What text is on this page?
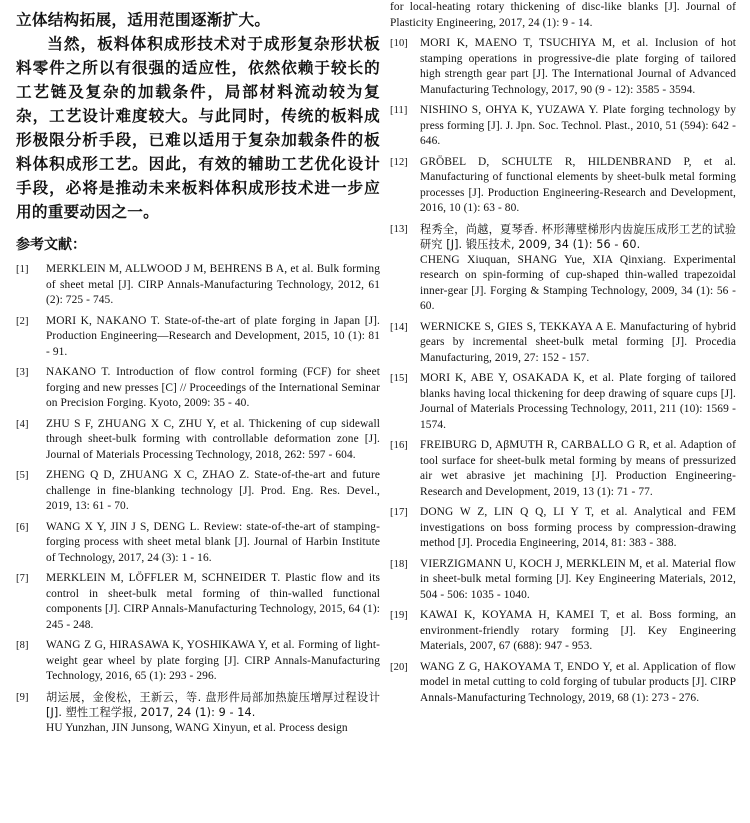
立体结构拓展，适用范围逐渐扩大。

当然，板料体积成形技术对于成形复杂形状板料零件之所以有很强的适应性，依然依赖于较长的工艺链及复杂的加载条件，局部材料流动较为复杂，工艺设计难度较大。与此同时，传统的板料成形极限分析手段，已难以适用于复杂加载条件的板料体积成形工艺。因此，有效的辅助工艺优化设计手段，必将是推动未来板料体积成形技术进一步应用的重要动因之一。

参考文献：
[1] MERKLEIN M, ALLWOOD J M, BEHRENS B A, et al. Bulk forming of sheet metal [J]. CIRP Annals-Manufacturing Technology, 2012, 61 (2): 725 - 745.
[2] MORI K, NAKANO T. State-of-the-art of plate forging in Japan [J]. Production Engineering—Research and Development, 2015, 10 (1): 81 - 91.
[3] NAKANO T. Introduction of flow control forming (FCF) for sheet forging and new presses [C] // Proceedings of the International Seminar on Precision Forging. Kyoto, 2009: 35 - 40.
[4] ZHU S F, ZHUANG X C, ZHU Y, et al. Thickening of cup sidewall through sheet-bulk forming with controllable deformation zone [J]. Journal of Materials Processing Technology, 2018, 262: 597 - 604.
[5] ZHENG Q D, ZHUANG X C, ZHAO Z. State-of-the-art and future challenge in fine-blanking technology [J]. Prod. Eng. Res. Devel., 2019, 13: 61 - 70.
[6] WANG X Y, JIN J S, DENG L. Review: state-of-the-art of stamping-forging process with sheet metal blank [J]. Journal of Harbin Institute of Technology, 2017, 24 (3): 1 - 16.
[7] MERKLEIN M, LÖFFLER M, SCHNEIDER T. Plastic flow and its control in sheet-bulk metal forming of thin-walled functional components [J]. CIRP Annals-Manufacturing Technology, 2015, 64 (1): 245 - 248.
[8] WANG Z G, HIRASAWA K, YOSHIKAWA Y, et al. Forming of light-weight gear wheel by plate forging [J]. CIRP Annals-Manufacturing Technology, 2016, 65 (1): 293 - 296.
[9] 胡运展，金俊松，王新云，等. 盘形件局部加热旋压增厚过程设计 [J]. 塑性工程学报, 2017, 24 (1): 9 - 14.
HU Yunzhan, JIN Junsong, WANG Xinyun, et al. Process design
for local-heating rotary thickening of disc-like blanks [J]. Journal of Plasticity Engineering, 2017, 24 (1): 9 - 14.
[10] MORI K, MAENO T, TSUCHIYA M, et al. Inclusion of hot stamping operations in progressive-die plate forging of tailored high strength gear part [J]. The International Journal of Advanced Manufacturing Technology, 2017, 90 (9 - 12): 3585 - 3594.
[11] NISHINO S, OHYA K, YUZAWA Y. Plate forging technology by press forming [J]. J. Jpn. Soc. Technol. Plast., 2010, 51 (594): 642 - 646.
[12] GRÖBEL D, SCHULTE R, HILDENBRAND P, et al. Manufacturing of functional elements by sheet-bulk metal forming processes [J]. Production Engineering-Research and Development, 2016, 10 (1): 63 - 80.
[13] 程秀全，尚越，夏琴香. 杯形薄壁梯形内齿旋压成形工艺的试验研究 [J]. 锻压技术, 2009, 34 (1): 56 - 60.
CHENG Xiuquan, SHANG Yue, XIA Qinxiang. Experimental research on spin-forming of cup-shaped thin-walled trapezoidal inner-gear [J]. Forging & Stamping Technology, 2009, 34 (1): 56 - 60.
[14] WERNICKE S, GIES S, TEKKAYA A E. Manufacturing of hybrid gears by incremental sheet-bulk metal forming [J]. Procedia Manufacturing, 2019, 27: 152 - 157.
[15] MORI K, ABE Y, OSAKADA K, et al. Plate forging of tailored blanks having local thickening for deep drawing of square cups [J]. Journal of Materials Processing Technology, 2011, 211 (10): 1569 - 1574.
[16] FREIBURG D, AβMUTH R, CARBALLO G R, et al. Adaption of tool surface for sheet-bulk metal forming by means of pressurized air wet abrasive jet machining [J]. Production Engineering-Research and Development, 2019, 13 (1): 71 - 77.
[17] DONG W Z, LIN Q Q, LI Y T, et al. Analytical and FEM investigations on boss forming process by compression-drawing method [J]. Procedia Engineering, 2014, 81: 383 - 388.
[18] VIERZIGMANN U, KOCH J, MERKLEIN M, et al. Material flow in sheet-bulk metal forming [J]. Key Engineering Materials, 2012, 504 - 506: 1035 - 1040.
[19] KAWAI K, KOYAMA H, KAMEI T, et al. Boss forming, an environment-friendly rotary forming [J]. Key Engineering Materials, 2007, 67 (688): 947 - 953.
[20] WANG Z G, HAKOYAMA T, ENDO Y, et al. Application of flow model in metal cutting to cold forging of tubular products [J]. CIRP Annals-Manufacturing Technology, 2019, 68 (1): 273 - 276.
